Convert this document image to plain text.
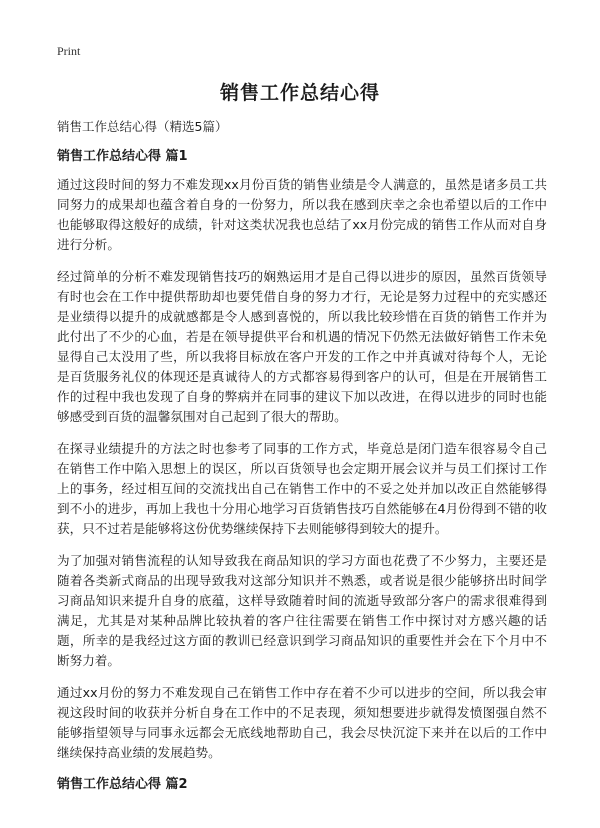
Print
销售工作总结心得
销售工作总结心得（精选5篇）
销售工作总结心得 篇1

通过这段时间的努力不难发现xx月份百货的销售业绩是令人满意的，虽然是诸多员工共同努力的成果却也蕴含着自身的一份努力，所以我在感到庆幸之余也希望以后的工作中也能够取得这般好的成绩，针对这类状况我也总结了xx月份完成的销售工作从而对自身进行分析。

经过简单的分析不难发现销售技巧的娴熟运用才是自己得以进步的原因，虽然百货领导有时也会在工作中提供帮助却也要凭借自身的努力才行，无论是努力过程中的充实感还是业绩得以提升的成就感都是令人感到喜悦的，所以我比较珍惜在百货的销售工作并为此付出了不少的心血，若是在领导提供平台和机遇的情况下仍然无法做好销售工作未免显得自己太没用了些，所以我将目标放在客户开发的工作之中并真诚对待每个人，无论是百货服务礼仪的体现还是真诚待人的方式都容易得到客户的认可，但是在开展销售工作的过程中我也发现了自身的弊病并在同事的建议下加以改进，在得以进步的同时也能够感受到百货的温馨氛围对自己起到了很大的帮助。

在探寻业绩提升的方法之时也参考了同事的工作方式，毕竟总是闭门造车很容易令自己在销售工作中陷入思想上的误区，所以百货领导也会定期开展会议并与员工们探讨工作上的事务，经过相互间的交流找出自己在销售工作中的不妥之处并加以改正自然能够得到不小的进步，再加上我也十分用心地学习百货销售技巧自然能够在4月份得到不错的收获，只不过若是能够将这份优势继续保持下去则能够得到较大的提升。

为了加强对销售流程的认知导致我在商品知识的学习方面也花费了不少努力，主要还是随着各类新式商品的出现导致我对这部分知识并不熟悉，或者说是很少能够挤出时间学习商品知识来提升自身的底蕴，这样导致随着时间的流逝导致部分客户的需求很难得到满足，尤其是对某种品牌比较执着的客户往往需要在销售工作中探讨对方感兴趣的话题，所幸的是我经过这方面的教训已经意识到学习商品知识的重要性并会在下个月中不断努力着。

通过xx月份的努力不难发现自己在销售工作中存在着不少可以进步的空间，所以我会审视这段时间的收获并分析自身在工作中的不足表现，须知想要进步就得发愤图强自然不能够指望领导与同事永远都会无底线地帮助自己，我会尽快沉淀下来并在以后的工作中继续保持高业绩的发展趋势。

销售工作总结心得 篇2
